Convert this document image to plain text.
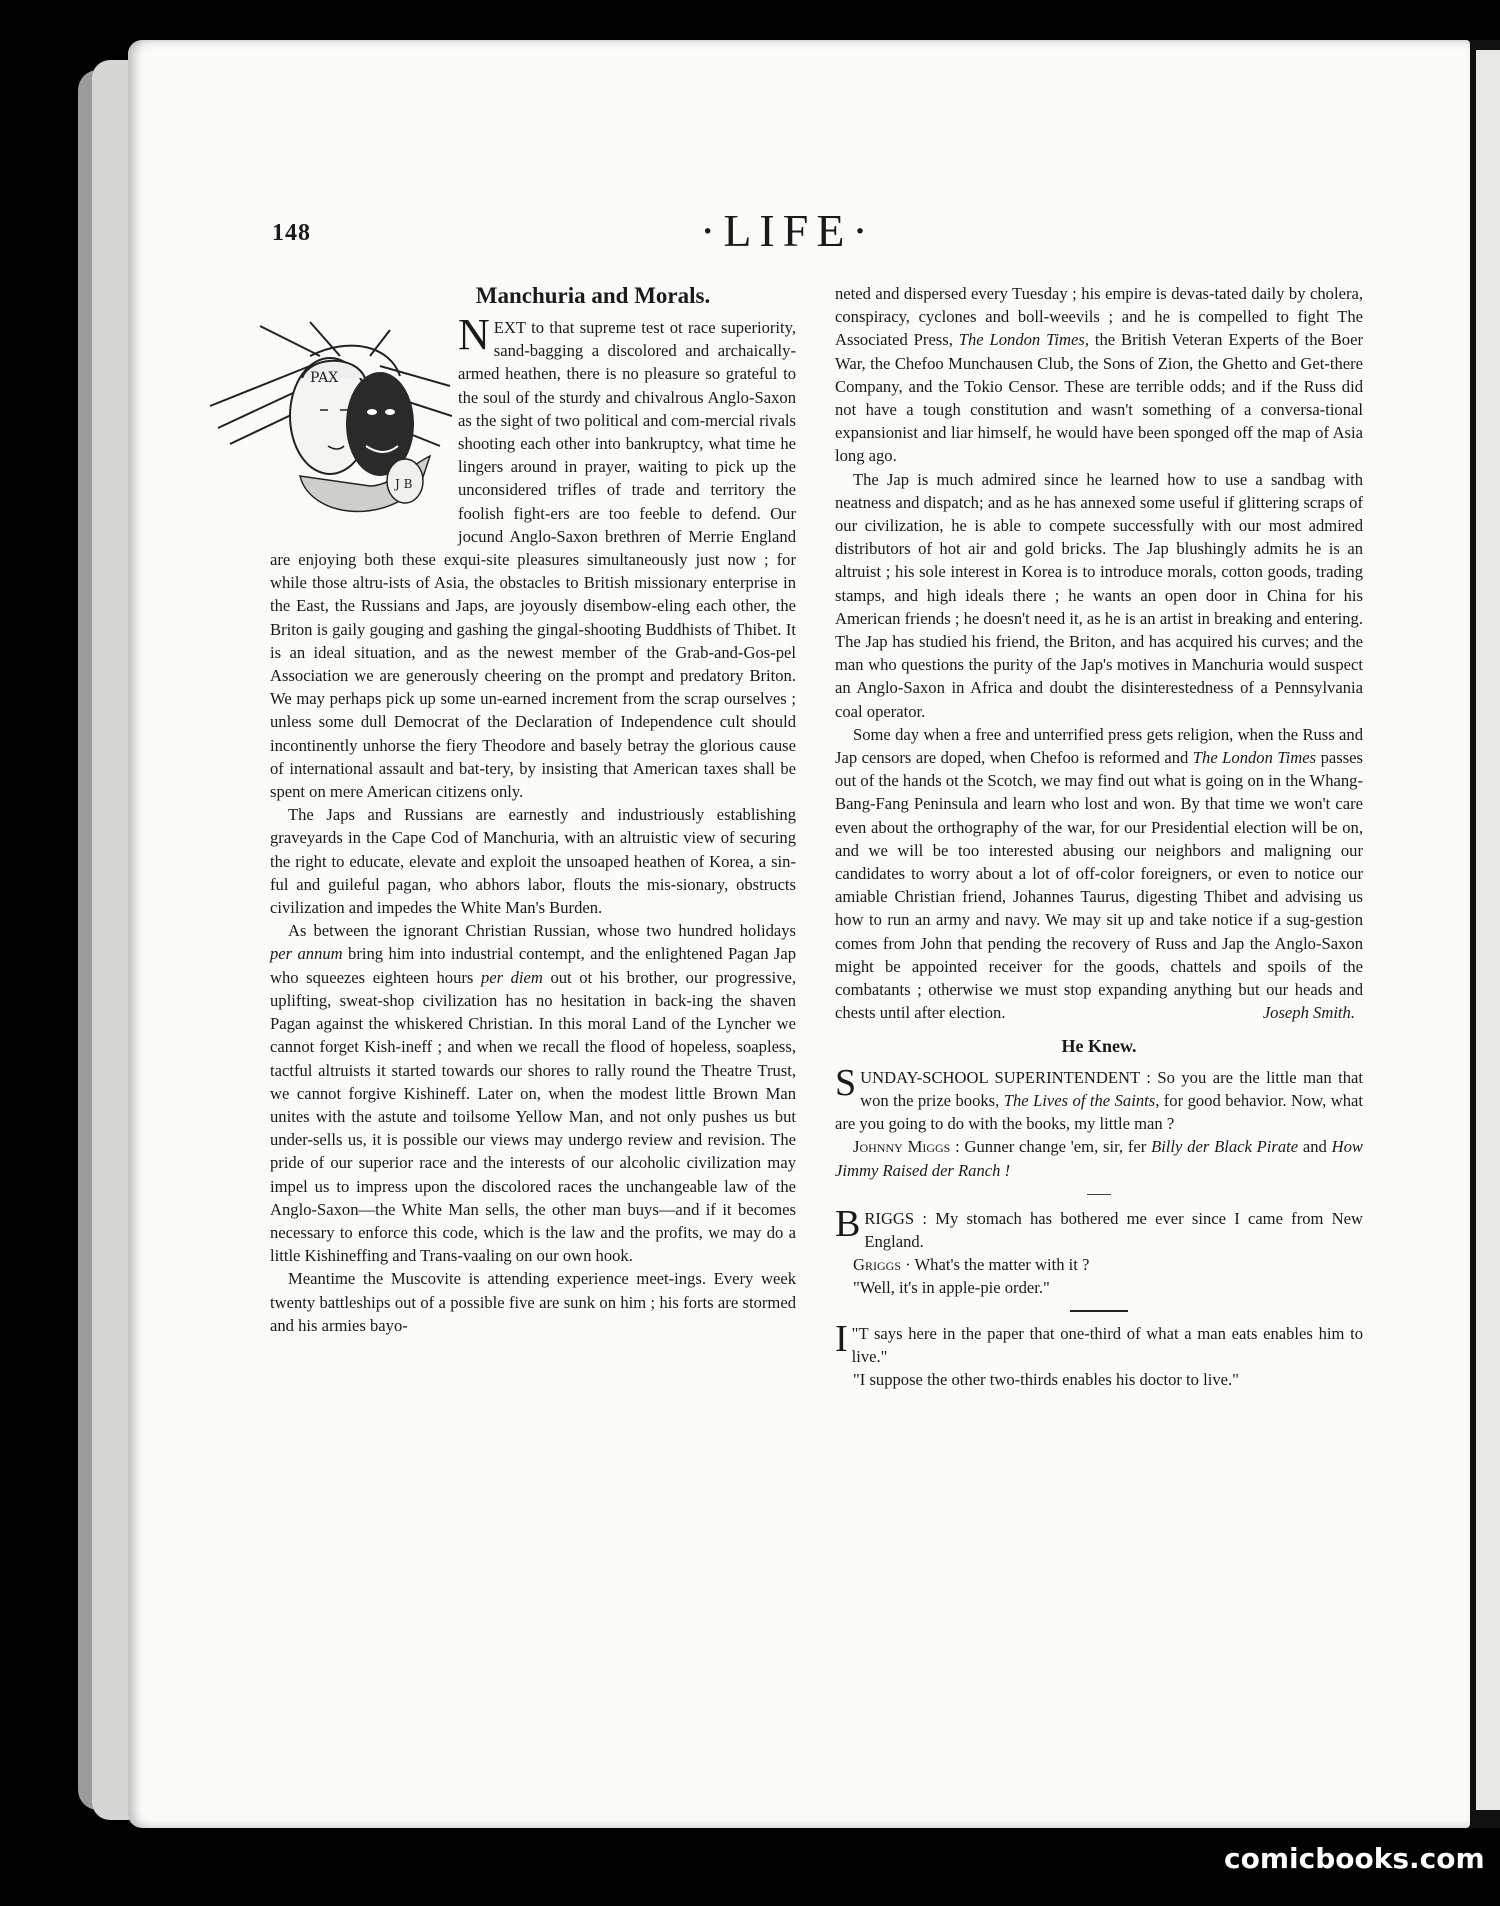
148	·LIFE·
Manchuria and Morals.
PAX
J B

NEXT to that supreme test ot race superiority, sand-bagging a discolored and archaically-armed heathen, there is no pleasure so grateful to the soul of the sturdy and chivalrous Anglo-Saxon as the sight of two political and com-mercial rivals shooting each other into bankruptcy, what time he lingers around in prayer, waiting to pick up the unconsidered trifles of trade and territory the foolish fight-ers are too feeble to defend. Our jocund Anglo-Saxon brethren of Merrie England are enjoying both these exqui-site pleasures simultaneously just now ; for while those altru-ists of Asia, the obstacles to British missionary enterprise in the East, the Russians and Japs, are joyously disembow-eling each other, the Briton is gaily gouging and gashing the gingal-shooting Buddhists of Thibet. It is an ideal situation, and as the newest member of the Grab-and-Gos-pel Association we are generously cheering on the prompt and predatory Briton. We may perhaps pick up some un-earned increment from the scrap ourselves ; unless some dull Democrat of the Declaration of Independence cult should incontinently unhorse the fiery Theodore and basely betray the glorious cause of international assault and bat-tery, by insisting that American taxes shall be spent on mere American citizens only.

The Japs and Russians are earnestly and industriously establishing graveyards in the Cape Cod of Manchuria, with an altruistic view of securing the right to educate, elevate and exploit the unsoaped heathen of Korea, a sin-ful and guileful pagan, who abhors labor, flouts the mis-sionary, obstructs civilization and impedes the White Man's Burden.

As between the ignorant Christian Russian, whose two hundred holidays per annum bring him into industrial contempt, and the enlightened Pagan Jap who squeezes eighteen hours per diem out ot his brother, our progressive, uplifting, sweat-shop civilization has no hesitation in back-ing the shaven Pagan against the whiskered Christian. In this moral Land of the Lyncher we cannot forget Kish-ineff ; and when we recall the flood of hopeless, soapless, tactful altruists it started towards our shores to rally round the Theatre Trust, we cannot forgive Kishineff. Later on, when the modest little Brown Man unites with the astute and toilsome Yellow Man, and not only pushes us but under-sells us, it is possible our views may undergo review and revision. The pride of our superior race and the interests of our alcoholic civilization may impel us to impress upon the discolored races the unchangeable law of the Anglo-Saxon—the White Man sells, the other man buys—and if it becomes necessary to enforce this code, which is the law and the profits, we may do a little Kishineffing and Trans-vaaling on our own hook.

Meantime the Muscovite is attending experience meet-ings. Every week twenty battleships out of a possible five are sunk on him ; his forts are stormed and his armies bayo-

neted and dispersed every Tuesday ; his empire is devas-tated daily by cholera, conspiracy, cyclones and boll-weevils ; and he is compelled to fight The Associated Press, The London Times, the British Veteran Experts of the Boer War, the Chefoo Munchausen Club, the Sons of Zion, the Ghetto and Get-there Company, and the Tokio Censor. These are terrible odds; and if the Russ did not have a tough constitution and wasn't something of a conversa-tional expansionist and liar himself, he would have been sponged off the map of Asia long ago.

The Jap is much admired since he learned how to use a sandbag with neatness and dispatch; and as he has annexed some useful if glittering scraps of our civilization, he is able to compete successfully with our most admired distributors of hot air and gold bricks. The Jap blushingly admits he is an altruist ; his sole interest in Korea is to introduce morals, cotton goods, trading stamps, and high ideals there ; he wants an open door in China for his American friends ; he doesn't need it, as he is an artist in breaking and entering. The Jap has studied his friend, the Briton, and has acquired his curves; and the man who questions the purity of the Jap's motives in Manchuria would suspect an Anglo-Saxon in Africa and doubt the disinterestedness of a Pennsylvania coal operator.

Some day when a free and unterrified press gets religion, when the Russ and Jap censors are doped, when Chefoo is reformed and The London Times passes out of the hands ot the Scotch, we may find out what is going on in the Whang-Bang-Fang Peninsula and learn who lost and won. By that time we won't care even about the orthography of the war, for our Presidential election will be on, and we will be too interested abusing our neighbors and maligning our candidates to worry about a lot of off-color foreigners, or even to notice our amiable Christian friend, Johannes Taurus, digesting Thibet and advising us how to run an army and navy. We may sit up and take notice if a sug-gestion comes from John that pending the recovery of Russ and Jap the Anglo-Saxon might be appointed receiver for the goods, chattels and spoils of the combatants ; otherwise we must stop expanding anything but our heads and chests until after election.	Joseph Smith.

He Knew.

SUNDAY-SCHOOL SUPERINTENDENT : So you are the little man that won the prize books, The Lives of the Saints, for good behavior. Now, what are you going to do with the books, my little man ?

Johnny Miggs : Gunner change 'em, sir, fer Billy der Black Pirate and How Jimmy Raised der Ranch !

BRIGGS : My stomach has bothered me ever since I came from New England.

Griggs · What's the matter with it ?

"Well, it's in apple-pie order."

"
I T says here in the paper that one-third of what a man eats enables him to live."

"I suppose the other two-thirds enables his doctor to live."

comicbooks.com
